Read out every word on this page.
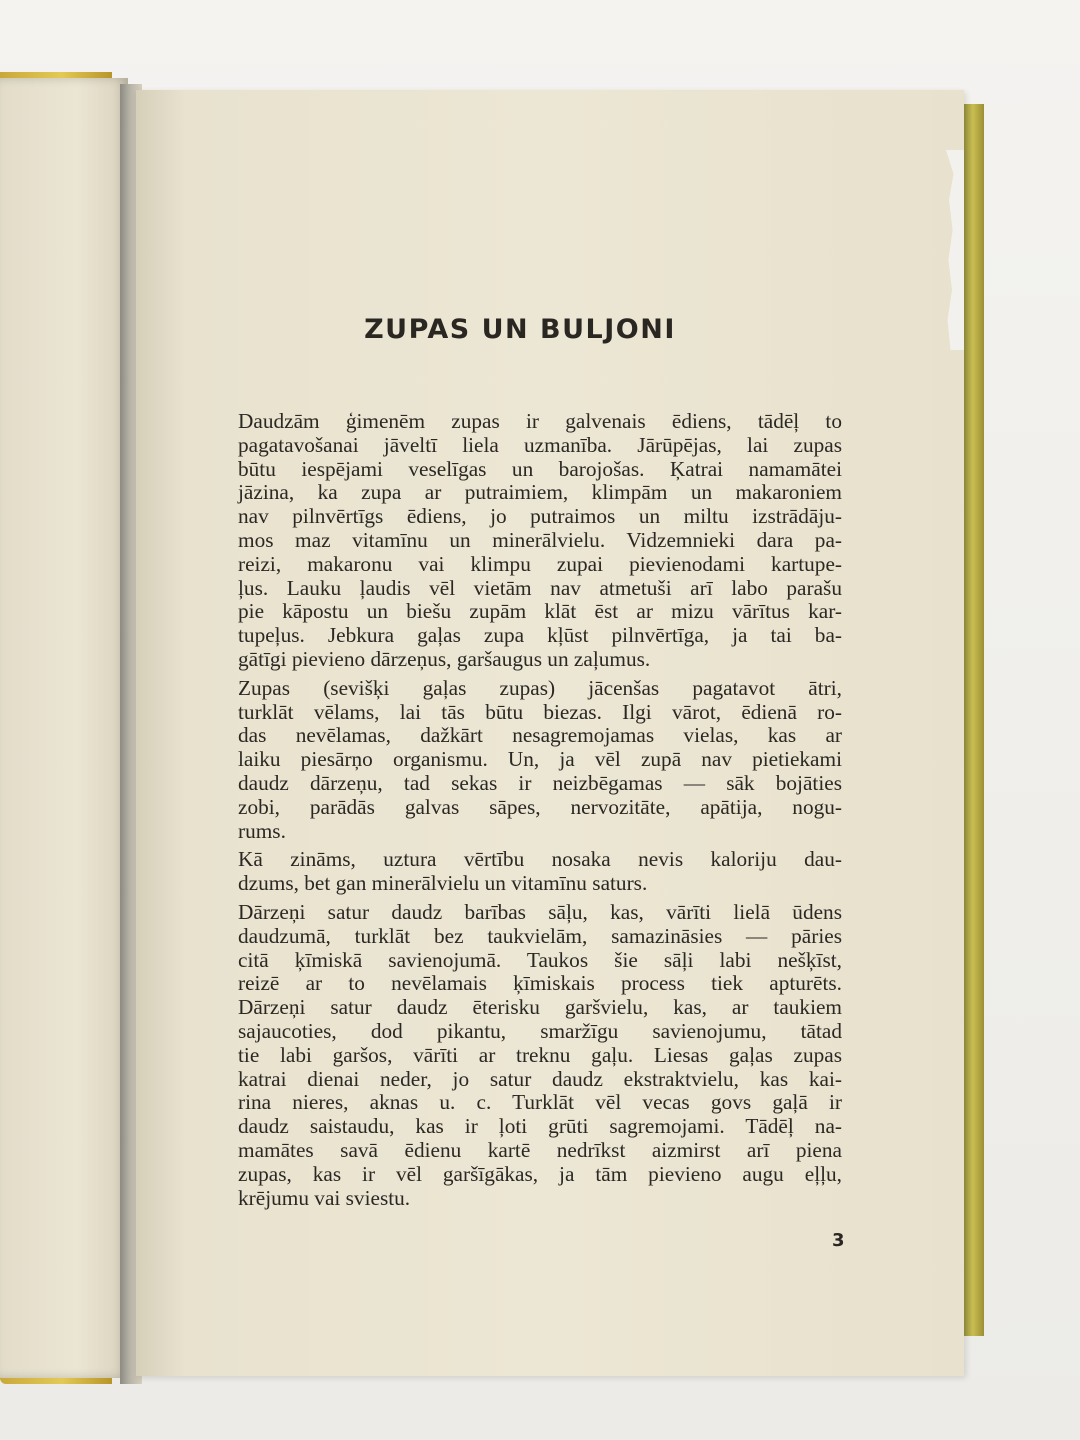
ZUPAS UN BULJONI
Daudzām ģimenēm zupas ir galvenais ēdiens, tādēļ to
pagatavošanai jāveltī liela uzmanība. Jārūpējas, lai zupas
būtu iespējami veselīgas un barojošas. Ķatrai namamātei
jāzina, ka zupa ar putraimiem, klimpām un makaroniem
nav pilnvērtīgs ēdiens, jo putraimos un miltu izstrādāju-
mos maz vitamīnu un minerālvielu. Vidzemnieki dara pa-
reizi, makaronu vai klimpu zupai pievienodami kartupe-
ļus. Lauku ļaudis vēl vietām nav atmetuši arī labo parašu
pie kāpostu un biešu zupām klāt ēst ar mizu vārītus kar-
tupeļus. Jebkura gaļas zupa kļūst pilnvērtīga, ja tai ba-
gātīgi pievieno dārzeņus, garšaugus un zaļumus.
Zupas (sevišķi gaļas zupas) jācenšas pagatavot ātri,
turklāt vēlams, lai tās būtu biezas. Ilgi vārot, ēdienā ro-
das nevēlamas, dažkārt nesagremojamas vielas, kas ar
laiku piesārņo organismu. Un, ja vēl zupā nav pietiekami
daudz dārzeņu, tad sekas ir neizbēgamas — sāk bojāties
zobi, parādās galvas sāpes, nervozitāte, apātija, nogu-
rums.
Kā zināms, uztura vērtību nosaka nevis kaloriju dau-
dzums, bet gan minerālvielu un vitamīnu saturs.
Dārzeņi satur daudz barības sāļu, kas, vārīti lielā ūdens
daudzumā, turklāt bez taukvielām, samazināsies — pāries
citā ķīmiskā savienojumā. Taukos šie sāļi labi nešķīst,
reizē ar to nevēlamais ķīmiskais process tiek apturēts.
Dārzeņi satur daudz ēterisku garšvielu, kas, ar taukiem
sajaucoties, dod pikantu, smaržīgu savienojumu, tātad
tie labi garšos, vārīti ar treknu gaļu. Liesas gaļas zupas
katrai dienai neder, jo satur daudz ekstraktvielu, kas kai-
rina nieres, aknas u. c. Turklāt vēl vecas govs gaļā ir
daudz saistaudu, kas ir ļoti grūti sagremojami. Tādēļ na-
mamātes savā ēdienu kartē nedrīkst aizmirst arī piena
zupas, kas ir vēl garšīgākas, ja tām pievieno augu eļļu,
krējumu vai sviestu.
3
